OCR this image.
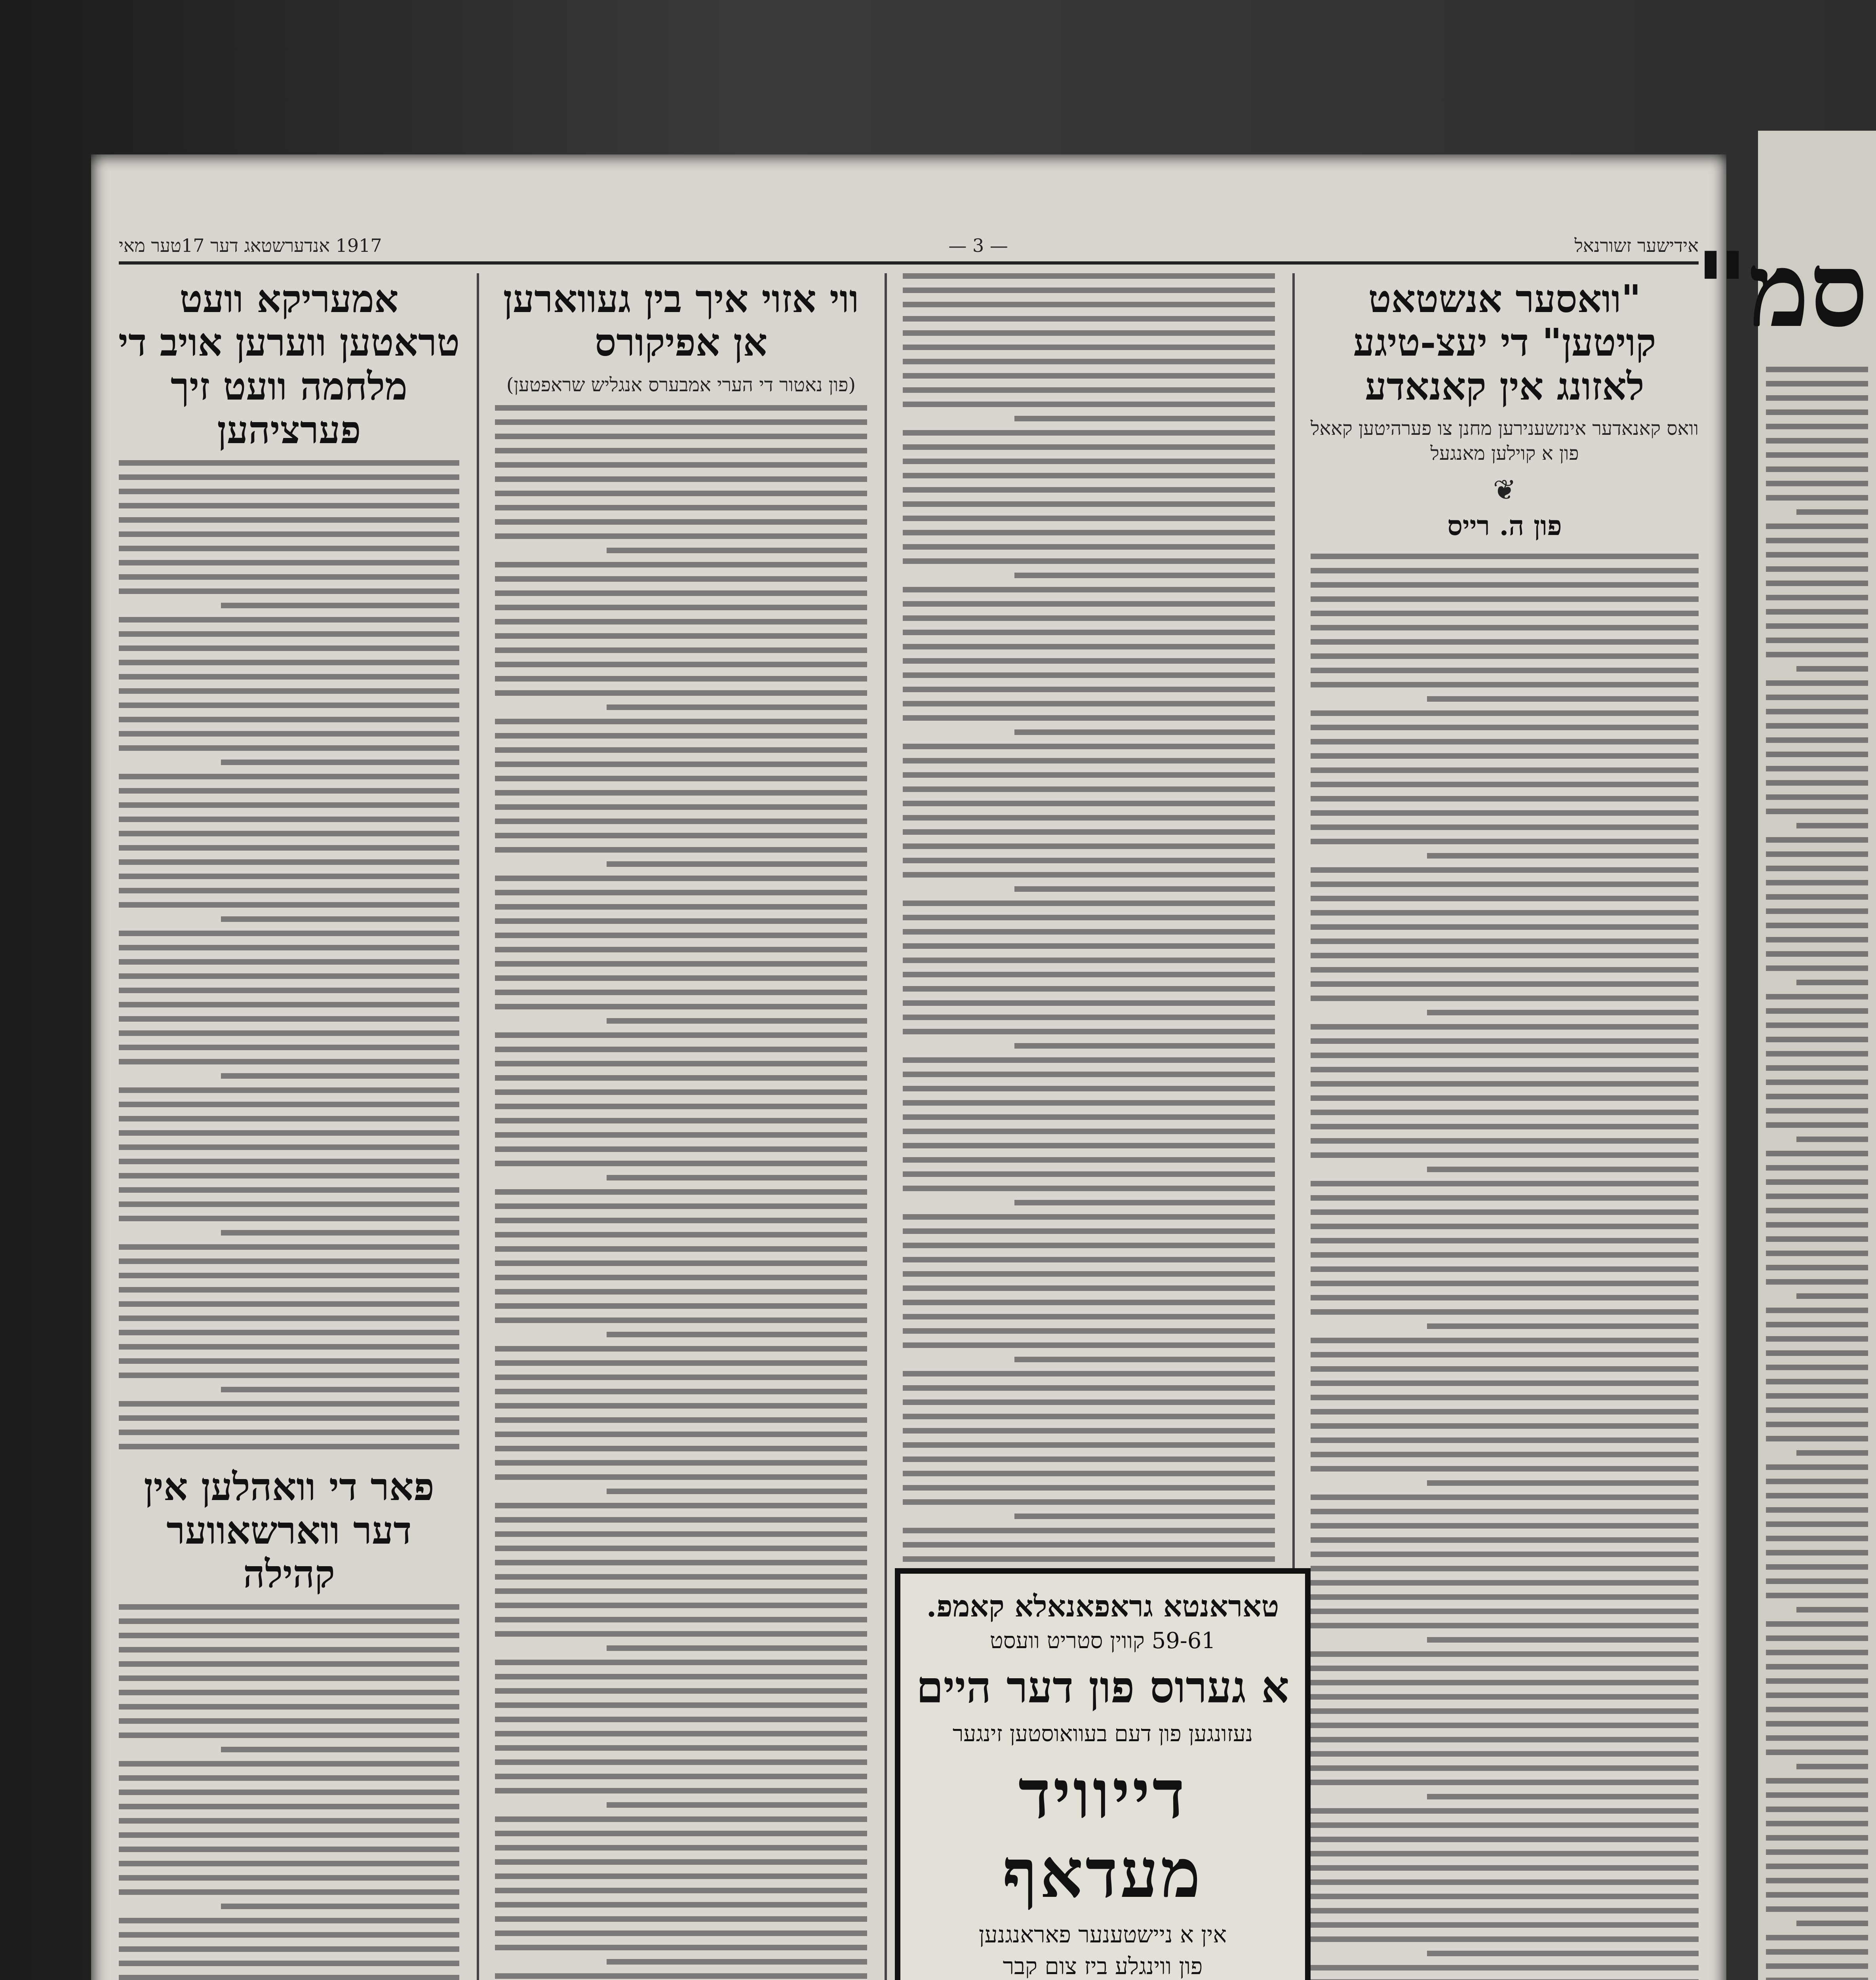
אידישער זשורנאל
— 3 —
1917 אנדערשטאג דער 17טער מאי
"וואסער אנשטאט קויטען" די יעצ-טיגע לאזונג אין קאנאדע
וואס קאנאדער אינזשענירען מחנן צו פערהיטען קאאל פון א קוילען מאנגעל
❦
פון ה. רייס
ווי אזוי איך בין געווארען אן אפיקורס
(פון נאטור די הערי אמבערס אנגליש שראפטען)
אמעריקא וועט טראטען ווערען אויב די מלחמה וועט זיך פערציהען
פאר די וואהלען אין דער ווארשאווער קהילה
טאראנטא גראפאנאלא קאמפ.
59-61 קווין סטריט וועסט
א גערוס פון דער היים
נעזונגען פון דעם בעוואוסטען זינגער
דייוויד מעדאף
אין א ניישטענער פאראנגנען
פון ווינגלע ביז צום קבר
סמ"
